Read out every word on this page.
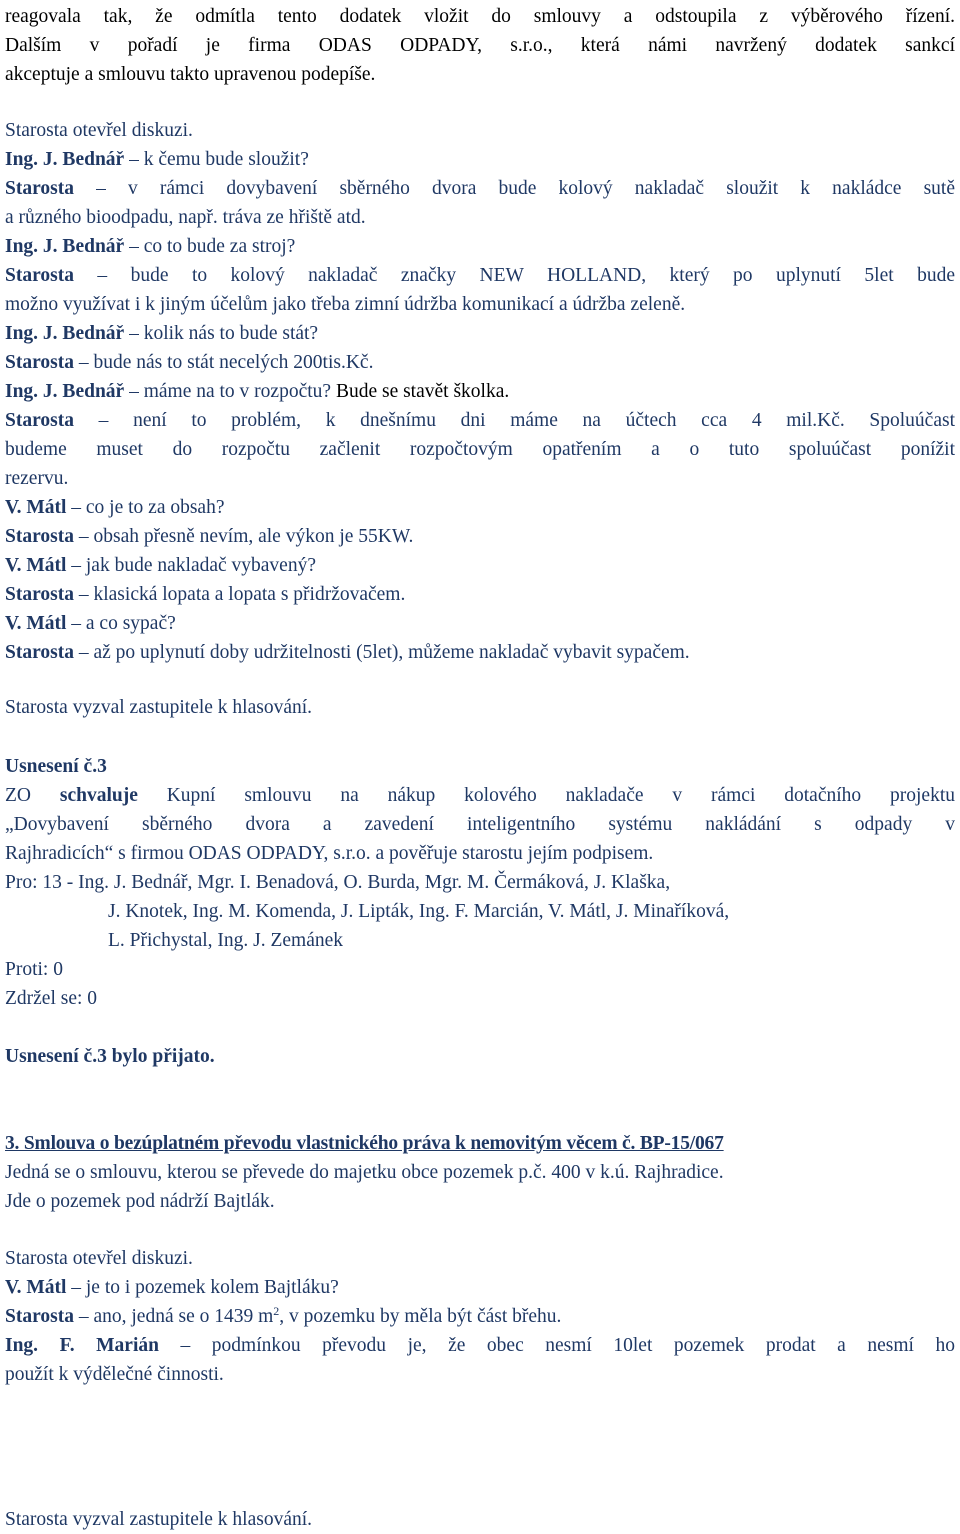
reagovala tak, že odmítla tento dodatek vložit do smlouvy a odstoupila z výběrového řízení.
Dalším v pořadí je firma ODAS ODPADY, s.r.o., která námi navržený dodatek sankcí
akceptuje a smlouvu takto upravenou podepíše.
Starosta otevřel diskuzi.
Ing. J. Bednář – k čemu bude sloužit?
Starosta – v rámci dovybavení sběrného dvora bude kolový nakladač sloužit k nakládce sutě
a různého bioodpadu, např. tráva ze hřiště atd.
Ing. J. Bednář – co to bude za stroj?
Starosta – bude to kolový nakladač značky NEW HOLLAND, který po uplynutí 5let bude
možno využívat i k jiným účelům jako třeba zimní údržba komunikací a údržba zeleně.
Ing. J. Bednář – kolik nás to bude stát?
Starosta – bude nás to stát necelých 200tis.Kč.
Ing. J. Bednář – máme na to v rozpočtu? Bude se stavět školka.
Starosta – není to problém, k dnešnímu dni máme na účtech cca 4 mil.Kč. Spoluúčast
budeme muset do rozpočtu začlenit rozpočtovým opatřením a o tuto spoluúčast ponížit
rezervu.
V. Mátl – co je to za obsah?
Starosta – obsah přesně nevím, ale výkon je 55KW.
V. Mátl – jak bude nakladač vybavený?
Starosta – klasická lopata a lopata s přidržovačem.
V. Mátl – a co sypač?
Starosta – až po uplynutí doby udržitelnosti (5let), můžeme nakladač vybavit sypačem.
Starosta vyzval zastupitele k hlasování.
Usnesení č.3
ZO schvaluje Kupní smlouvu na nákup kolového nakladače v rámci dotačního projektu
„Dovybavení sběrného dvora a zavedení inteligentního systému nakládání s odpady v
Rajhradicích“ s firmou ODAS ODPADY, s.r.o. a pověřuje starostu jejím podpisem.
Pro: 13 - Ing. J. Bednář, Mgr. I. Benadová, O. Burda, Mgr. M. Čermáková, J. Klaška,
J. Knotek, Ing. M. Komenda, J. Lipták, Ing. F. Marcián, V. Mátl, J. Minaříková,
L. Přichystal, Ing. J. Zemánek
Proti: 0
Zdržel se: 0
Usnesení č.3 bylo přijato.
3. Smlouva o bezúplatném převodu vlastnického práva k nemovitým věcem č. BP-15/067
Jedná se o smlouvu, kterou se převede do majetku obce pozemek p.č. 400 v k.ú. Rajhradice.
Jde o pozemek pod nádrží Bajtlák.
Starosta otevřel diskuzi.
V. Mátl – je to i pozemek kolem Bajtláku?
Starosta – ano, jedná se o 1439 $m^2$, v pozemku by měla být část břehu.
Ing. F. Marián – podmínkou převodu je, že obec nesmí 10let pozemek prodat a nesmí ho
použít k výdělečné činnosti.
Starosta vyzval zastupitele k hlasování.
